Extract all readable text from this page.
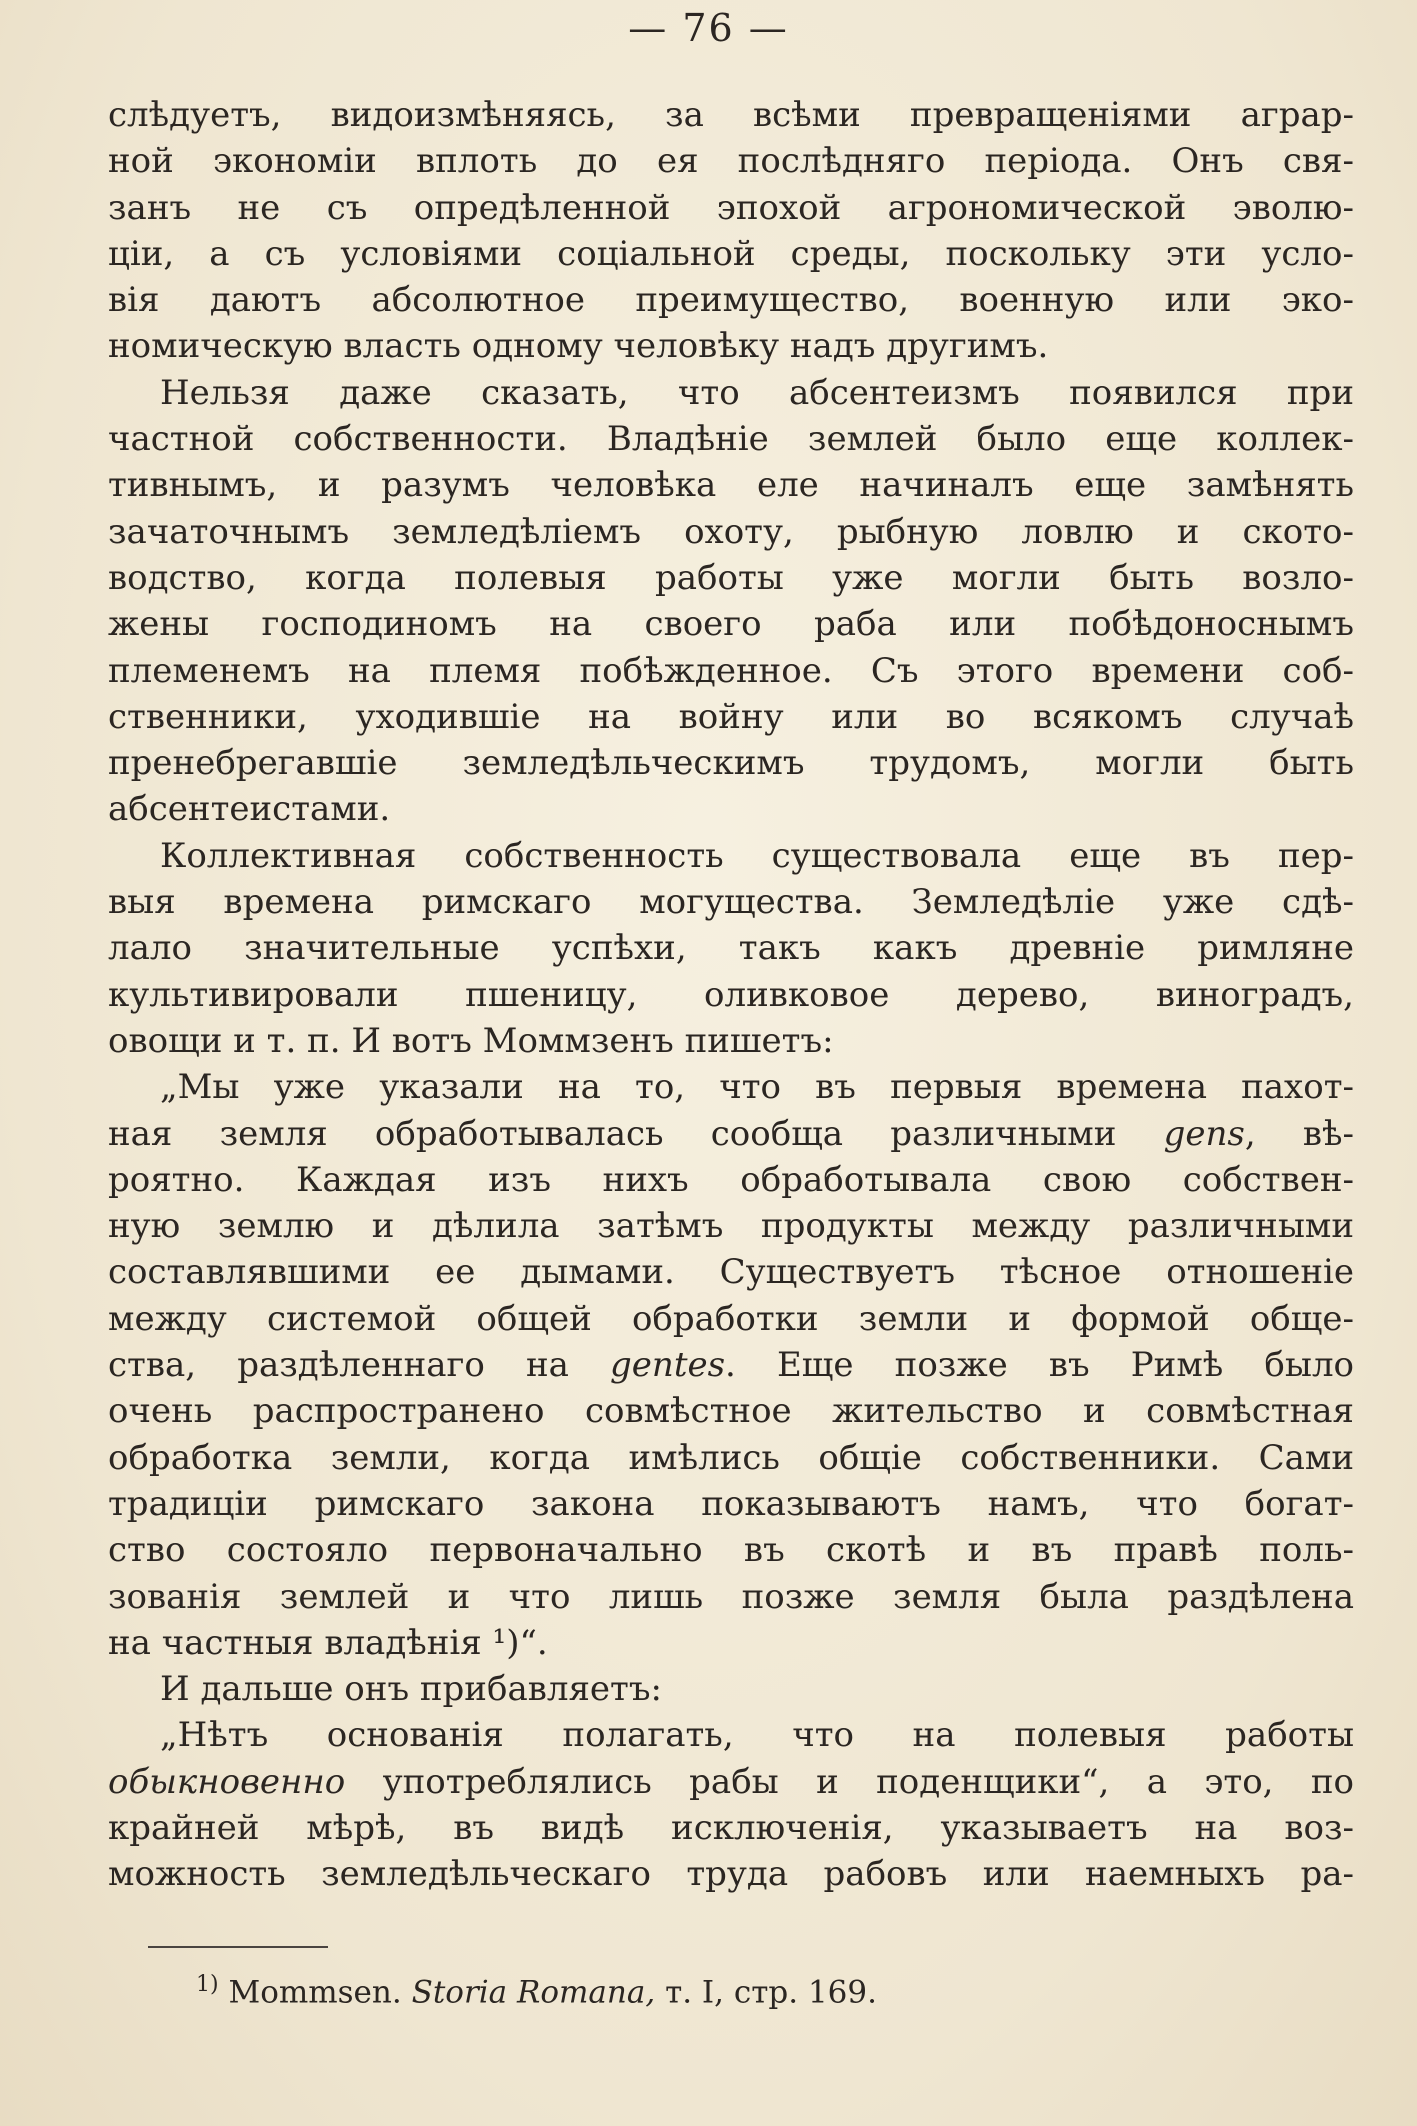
— 76 —
слѣдуетъ, видоизмѣняясь, за всѣми превращеніями аграр-
ной экономіи вплоть до ея послѣдняго періода. Онъ свя-
занъ не съ опредѣленной эпохой агрономической эволю-
ціи, а съ условіями соціальной среды, поскольку эти усло-
вія даютъ абсолютное преимущество, военную или эко-
номическую власть одному человѣку надъ другимъ.
Нельзя даже сказать, что абсентеизмъ появился при
частной собственности. Владѣніе землей было еще коллек-
тивнымъ, и разумъ человѣка еле начиналъ еще замѣнять
зачаточнымъ земледѣліемъ охоту, рыбную ловлю и ското-
водство, когда полевыя работы уже могли быть возло-
жены господиномъ на своего раба или побѣдоноснымъ
племенемъ на племя побѣжденное. Съ этого времени соб-
ственники, уходившіе на войну или во всякомъ случаѣ
пренебрегавшіе земледѣльческимъ трудомъ, могли быть
абсентеистами.
Коллективная собственность существовала еще въ пер-
выя времена римскаго могущества. Земледѣліе уже сдѣ-
лало значительные успѣхи, такъ какъ древніе римляне
культивировали пшеницу, оливковое дерево, виноградъ,
овощи и т. п. И вотъ Моммзенъ пишетъ:
„Мы уже указали на то, что въ первыя времена пахот-
ная земля обработывалась сообща различными gens, вѣ-
роятно. Каждая изъ нихъ обработывала свою собствен-
ную землю и дѣлила затѣмъ продукты между различными
составлявшими ее дымами. Существуетъ тѣсное отношеніе
между системой общей обработки земли и формой обще-
ства, раздѣленнаго на gentes. Еще позже въ Римѣ было
очень распространено совмѣстное жительство и совмѣстная
обработка земли, когда имѣлись общіе собственники. Сами
традиціи римскаго закона показываютъ намъ, что богат-
ство состояло первоначально въ скотѣ и въ правѣ поль-
зованія землей и что лишь позже земля была раздѣлена
на частныя владѣнія ¹)“.
И дальше онъ прибавляетъ:
„Нѣтъ основанія полагать, что на полевыя работы
обыкновенно употреблялись рабы и поденщики“, а это, по
крайней мѣрѣ, въ видѣ исключенія, указываетъ на воз-
можность земледѣльческаго труда рабовъ или наемныхъ ра-
$^{1)}$ Mommsen. Storia Romana, т. I, стр. 169.
